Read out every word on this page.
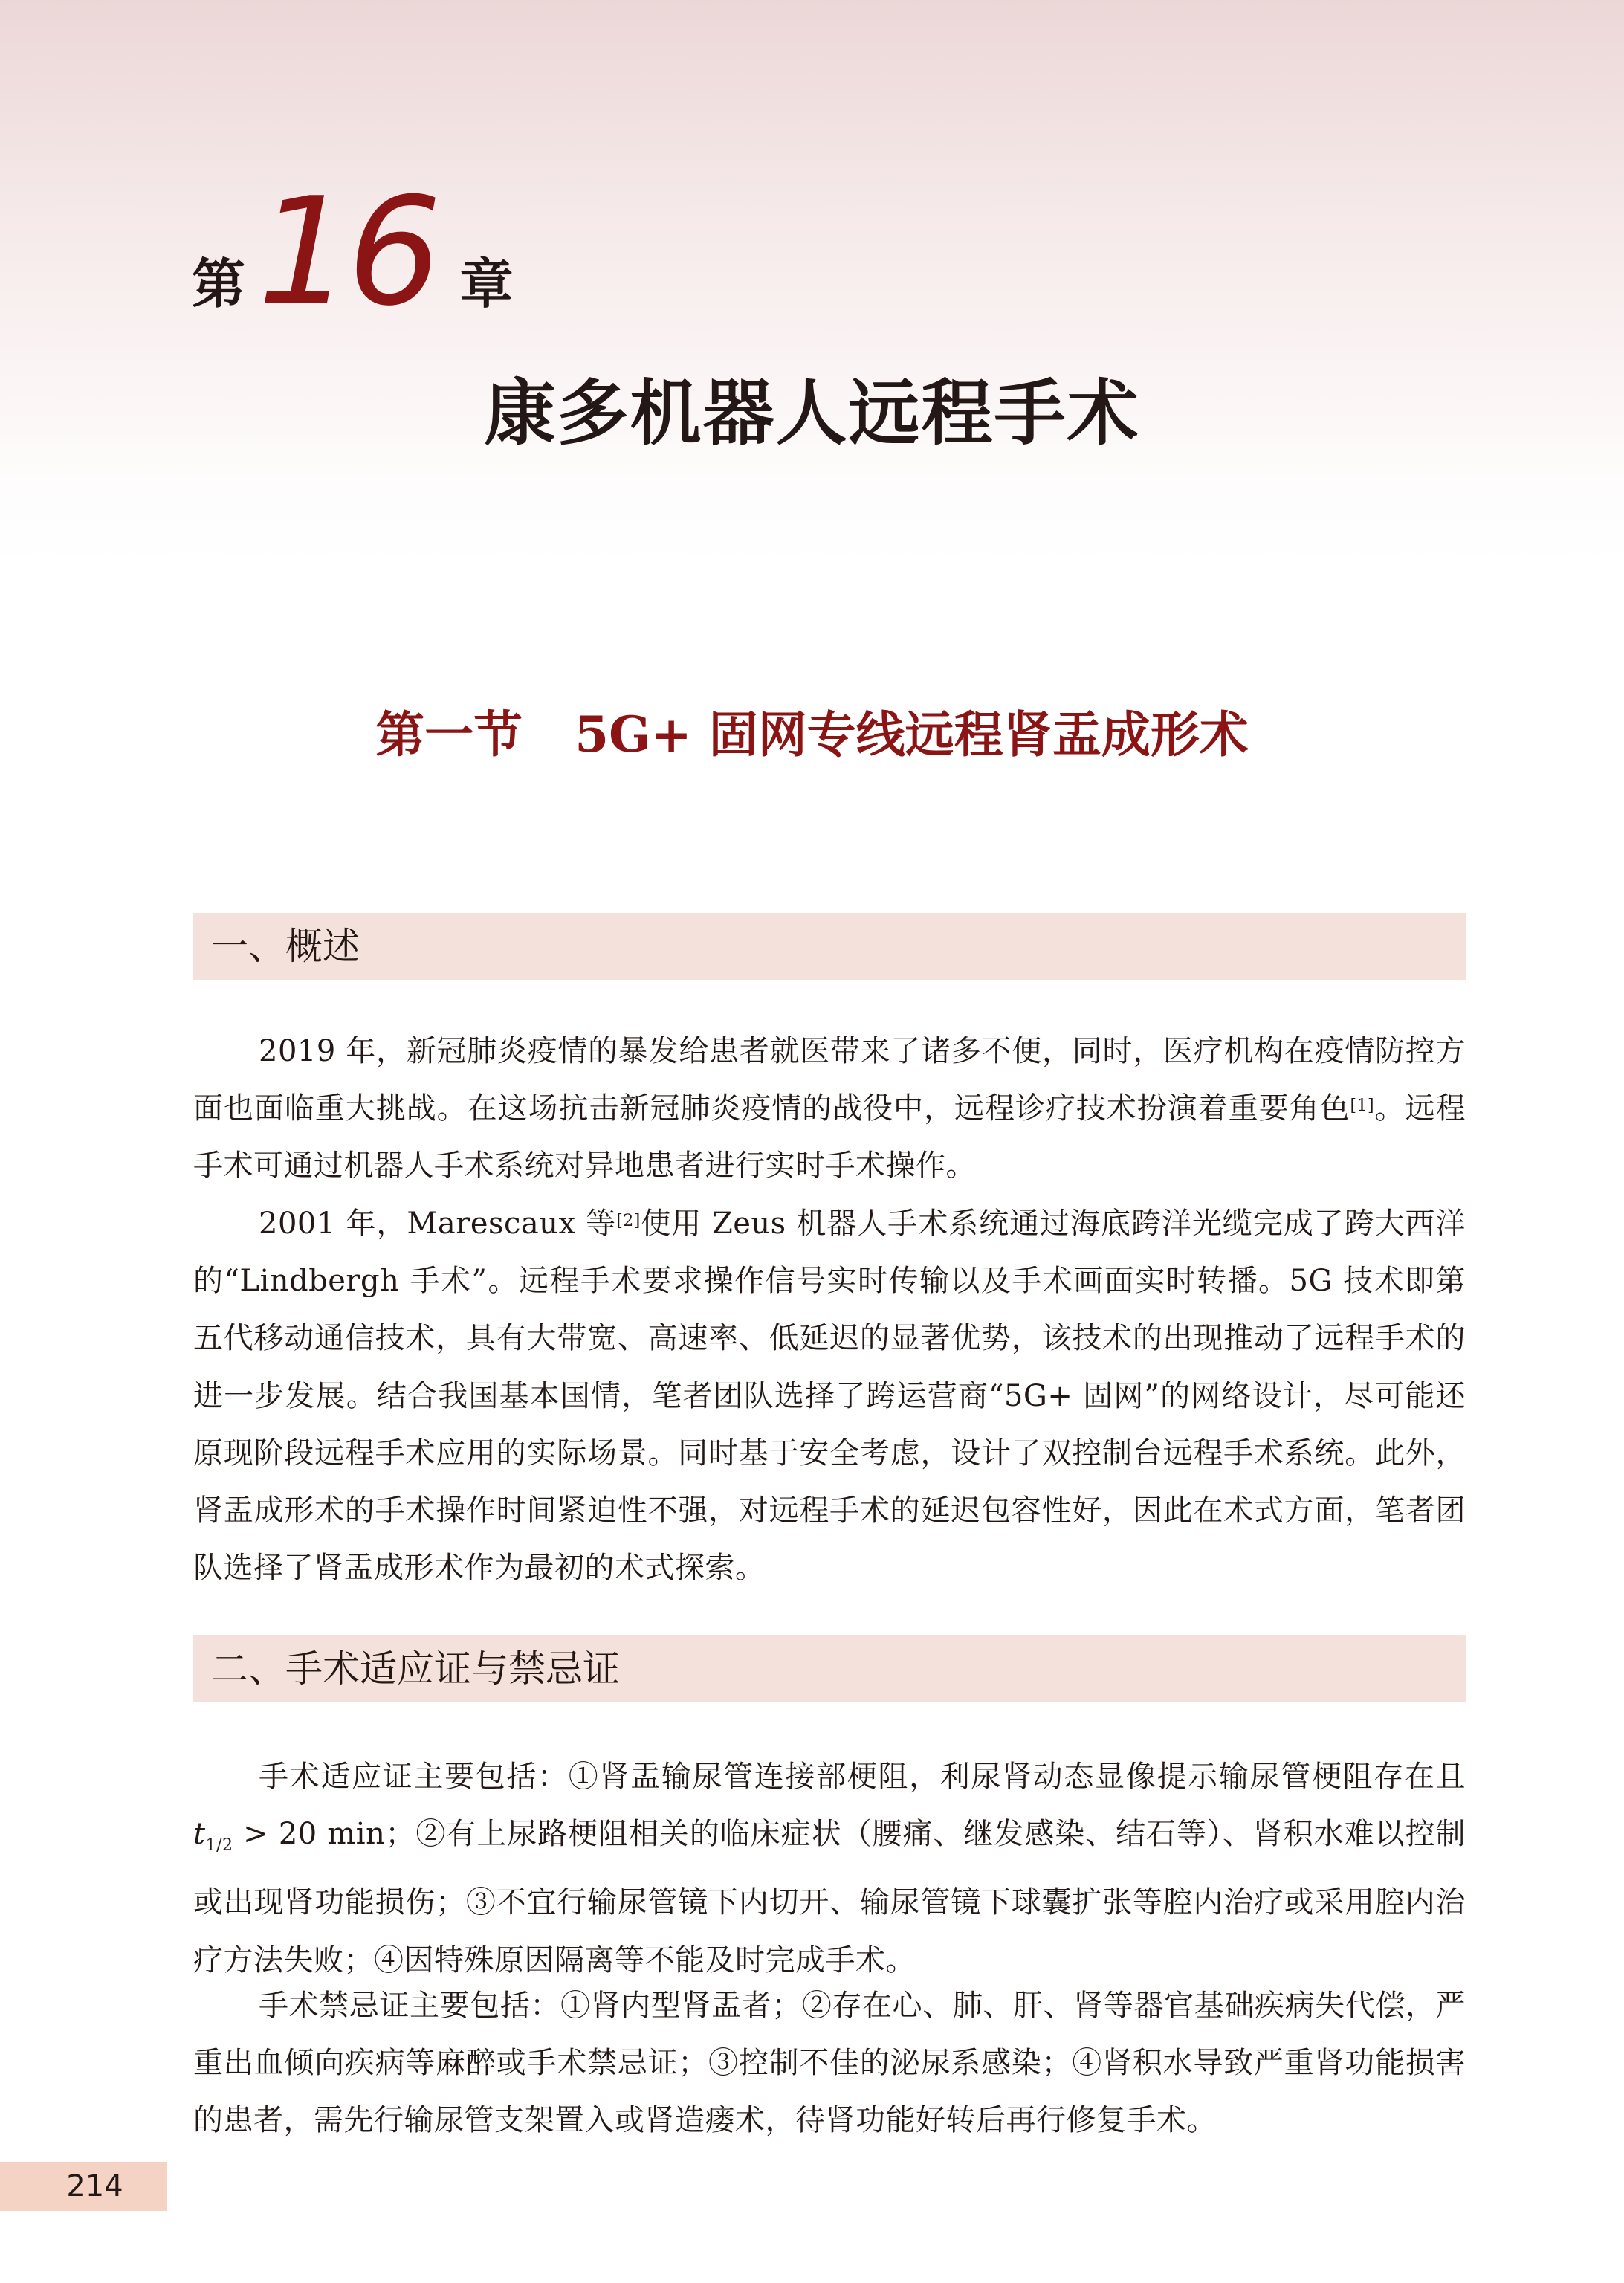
第 16 章
康多机器人远程手术
第一节 5G+ 固网专线远程肾盂成形术
一、概述

2019 年，新冠肺炎疫情的暴发给患者就医带来了诸多不便，同时，医疗机构在疫情防控方面也面临重大挑战。在这场抗击新冠肺炎疫情的战役中，远程诊疗技术扮演着重要角色[1]。远程手术可通过机器人手术系统对异地患者进行实时手术操作。

2001 年，Marescaux 等[2]使用 Zeus 机器人手术系统通过海底跨洋光缆完成了跨大西洋的“Lindbergh 手术”。远程手术要求操作信号实时传输以及手术画面实时转播。5G 技术即第五代移动通信技术，具有大带宽、高速率、低延迟的显著优势，该技术的出现推动了远程手术的进一步发展。结合我国基本国情，笔者团队选择了跨运营商“5G+ 固网”的网络设计，尽可能还原现阶段远程手术应用的实际场景。同时基于安全考虑，设计了双控制台远程手术系统。此外，肾盂成形术的手术操作时间紧迫性不强，对远程手术的延迟包容性好，因此在术式方面，笔者团队选择了肾盂成形术作为最初的术式探索。

二、手术适应证与禁忌证

手术适应证主要包括：①肾盂输尿管连接部梗阻，利尿肾动态显像提示输尿管梗阻存在且 $t_{1/2} > 20$ min；②有上尿路梗阻相关的临床症状（腰痛、继发感染、结石等）、肾积水难以控制或出现肾功能损伤；③不宜行输尿管镜下内切开、输尿管镜下球囊扩张等腔内治疗或采用腔内治疗方法失败；④因特殊原因隔离等不能及时完成手术。

手术禁忌证主要包括：①肾内型肾盂者；②存在心、肺、肝、肾等器官基础疾病失代偿，严重出血倾向疾病等麻醉或手术禁忌证；③控制不佳的泌尿系感染；④肾积水导致严重肾功能损害的患者，需先行输尿管支架置入或肾造瘘术，待肾功能好转后再行修复手术。

214
